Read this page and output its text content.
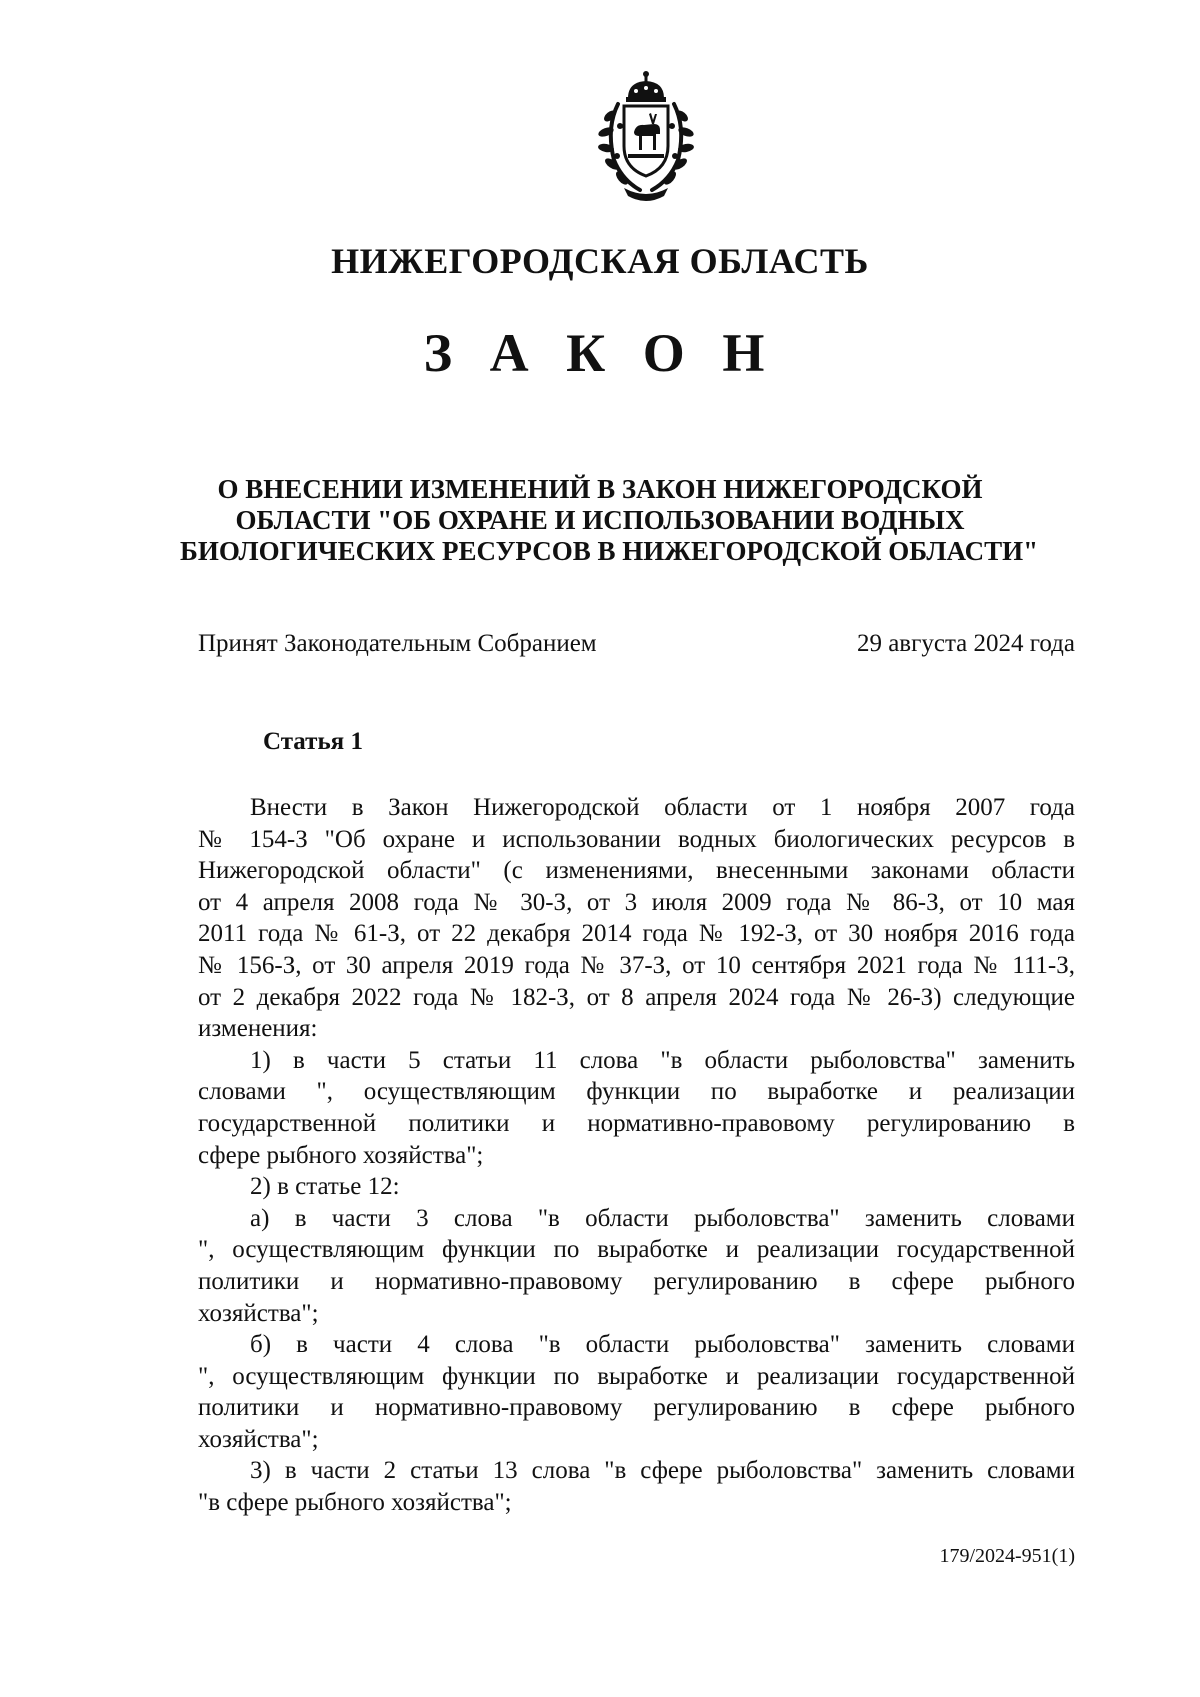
НИЖЕГОРОДСКАЯ ОБЛАСТЬ
З А К О Н
О ВНЕСЕНИИ ИЗМЕНЕНИЙ В ЗАКОН НИЖЕГОРОДСКОЙ
ОБЛАСТИ "ОБ ОХРАНЕ И ИСПОЛЬЗОВАНИИ ВОДНЫХ
БИОЛОГИЧЕСКИХ РЕСУРСОВ В НИЖЕГОРОДСКОЙ ОБЛАСТИ"
Принят Законодательным Собранием	29 августа 2024 года
Статья 1
Внести в Закон Нижегородской области от 1 ноября 2007 года
№ 154-З "Об охране и использовании водных биологических ресурсов в
Нижегородской области" (с изменениями, внесенными законами области
от 4 апреля 2008 года № 30-З, от 3 июля 2009 года № 86-З, от 10 мая
2011 года № 61-З, от 22 декабря 2014 года № 192-З, от 30 ноября 2016 года
№ 156-З, от 30 апреля 2019 года № 37-З, от 10 сентября 2021 года № 111-З,
от 2 декабря 2022 года № 182-З, от 8 апреля 2024 года № 26-З) следующие
изменения:
1) в части 5 статьи 11 слова "в области рыболовства" заменить
словами ", осуществляющим функции по выработке и реализации
государственной политики и нормативно-правовому регулированию в
сфере рыбного хозяйства";
2) в статье 12:
а) в части 3 слова "в области рыболовства" заменить словами
", осуществляющим функции по выработке и реализации государственной
политики и нормативно-правовому регулированию в сфере рыбного
хозяйства";
б) в части 4 слова "в области рыболовства" заменить словами
", осуществляющим функции по выработке и реализации государственной
политики и нормативно-правовому регулированию в сфере рыбного
хозяйства";
3) в части 2 статьи 13 слова "в сфере рыболовства" заменить словами
"в сфере рыбного хозяйства";
179/2024-951(1)
